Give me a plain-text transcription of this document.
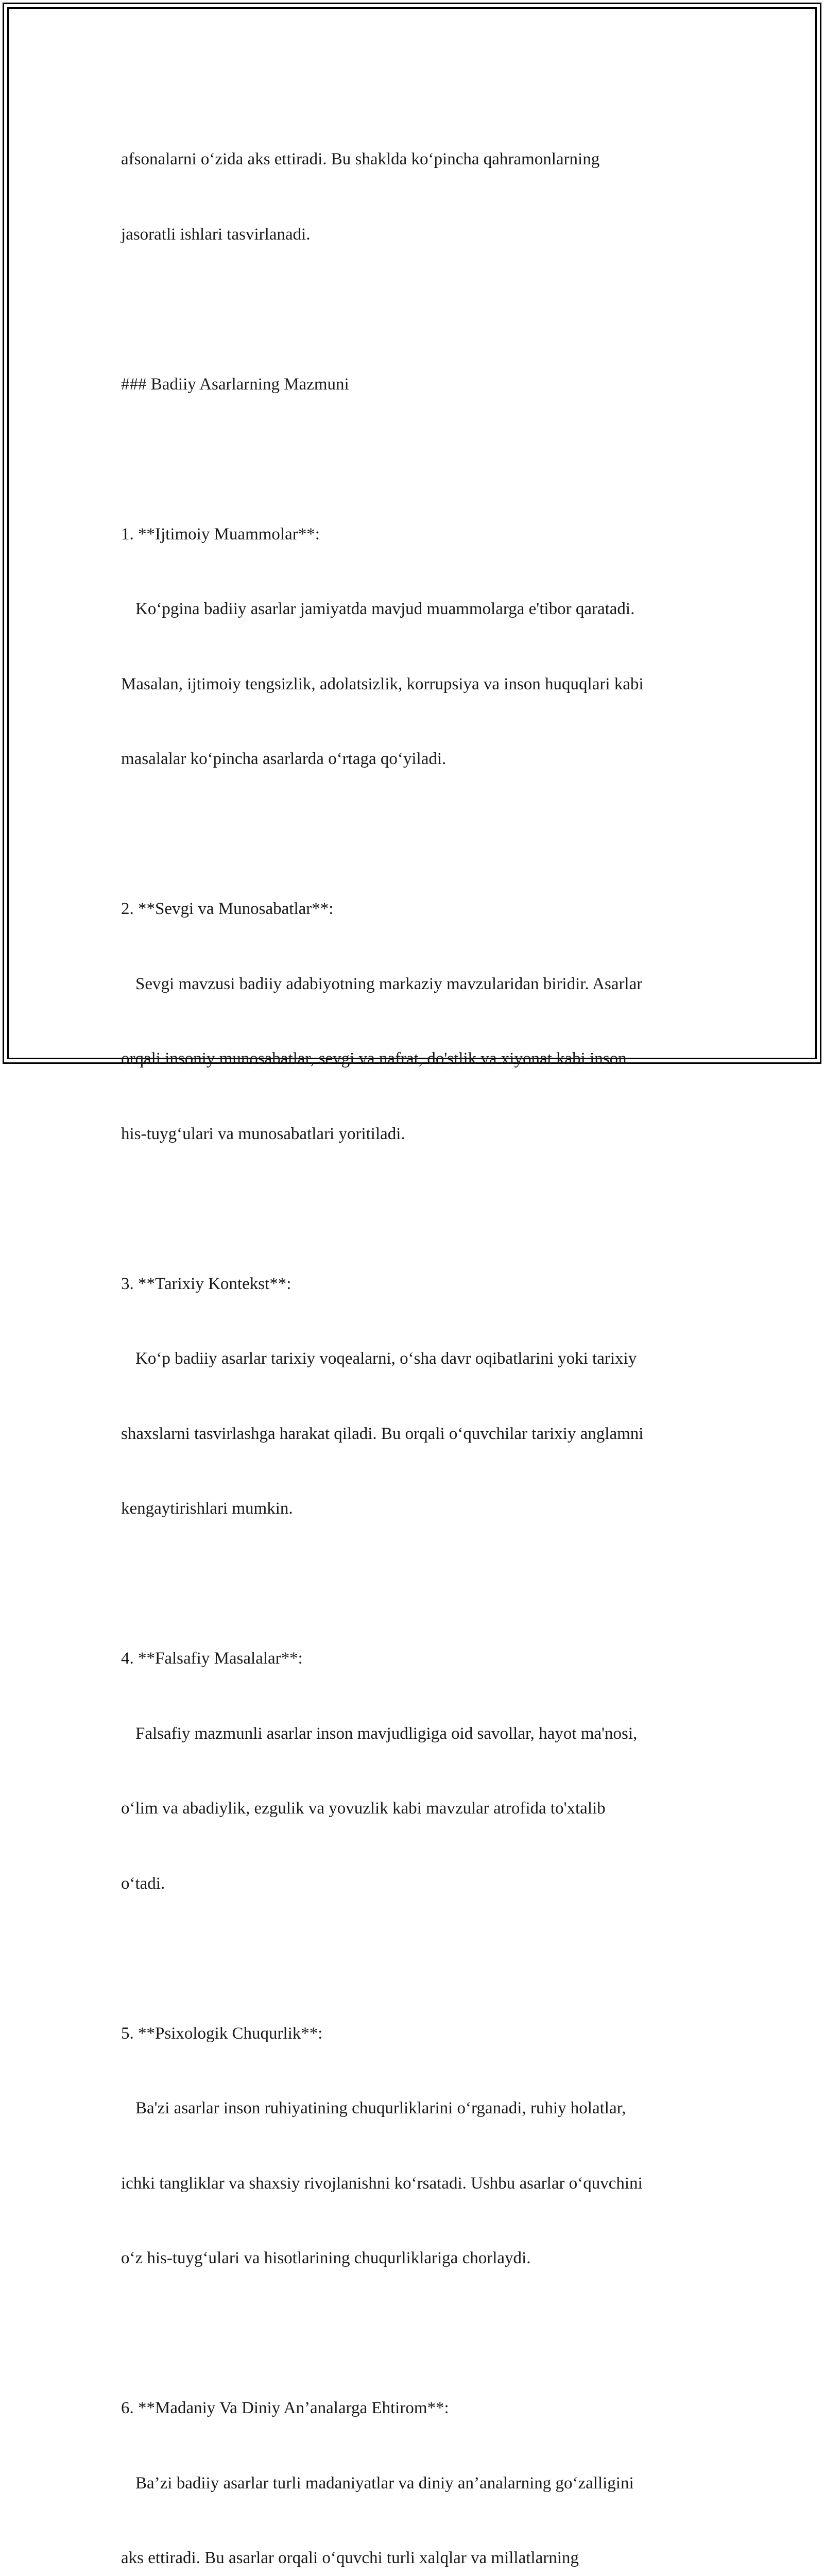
afsonalarni o‘zida aks ettiradi. Bu shaklda ko‘pincha qahramonlarning

jasoratli ishlari tasvirlanadi.

### Badiiy Asarlarning Mazmuni

1. **Ijtimoiy Muammolar**:

Ko‘pgina badiiy asarlar jamiyatda mavjud muammolarga e'tibor qaratadi.

Masalan, ijtimoiy tengsizlik, adolatsizlik, korrupsiya va inson huquqlari kabi

masalalar ko‘pincha asarlarda o‘rtaga qo‘yiladi.

2. **Sevgi va Munosabatlar**:

Sevgi mavzusi badiiy adabiyotning markaziy mavzularidan biridir. Asarlar

orqali insoniy munosabatlar, sevgi va nafrat, do'stlik va xiyonat kabi inson

his-tuyg‘ulari va munosabatlari yoritiladi.

3. **Tarixiy Kontekst**:

Ko‘p badiiy asarlar tarixiy voqealarni, o‘sha davr oqibatlarini yoki tarixiy

shaxslarni tasvirlashga harakat qiladi. Bu orqali o‘quvchilar tarixiy anglamni

kengaytirishlari mumkin.

4. **Falsafiy Masalalar**:

Falsafiy mazmunli asarlar inson mavjudligiga oid savollar, hayot ma'nosi,

o‘lim va abadiylik, ezgulik va yovuzlik kabi mavzular atrofida to'xtalib

o‘tadi.

5. **Psixologik Chuqurlik**:

Ba'zi asarlar inson ruhiyatining chuqurliklarini o‘rganadi, ruhiy holatlar,

ichki tangliklar va shaxsiy rivojlanishni ko‘rsatadi. Ushbu asarlar o‘quvchini

o‘z his-tuyg‘ulari va hisotlarining chuqurliklariga chorlaydi.

6. **Madaniy Va Diniy An’analarga Ehtirom**:

Ba’zi badiiy asarlar turli madaniyatlar va diniy an’analarning go‘zalligini

aks ettiradi. Bu asarlar orqali o‘quvchi turli xalqlar va millatlarning
